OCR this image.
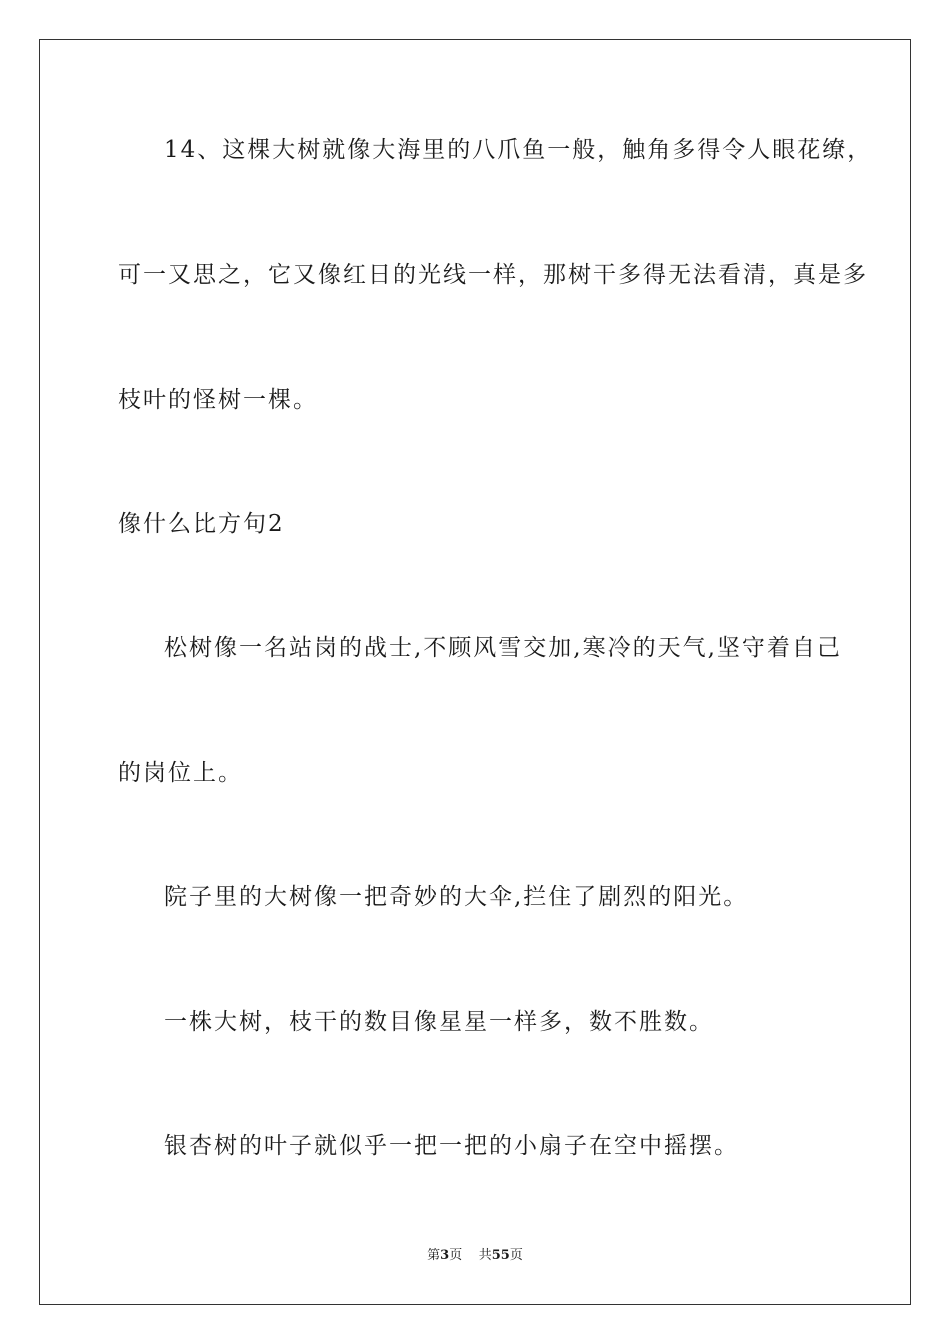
14、这棵大树就像大海里的八爪鱼一般，触角多得令人眼花缭，
可一又思之，它又像红日的光线一样，那树干多得无法看清，真是多
枝叶的怪树一棵。
像什么比方句2
松树像一名站岗的战士,不顾风雪交加,寒冷的天气,坚守着自己
的岗位上。
院子里的大树像一把奇妙的大伞,拦住了剧烈的阳光。
一株大树，枝干的数目像星星一样多，数不胜数。
银杏树的叶子就似乎一把一把的小扇子在空中摇摆。
第3页 共55页
